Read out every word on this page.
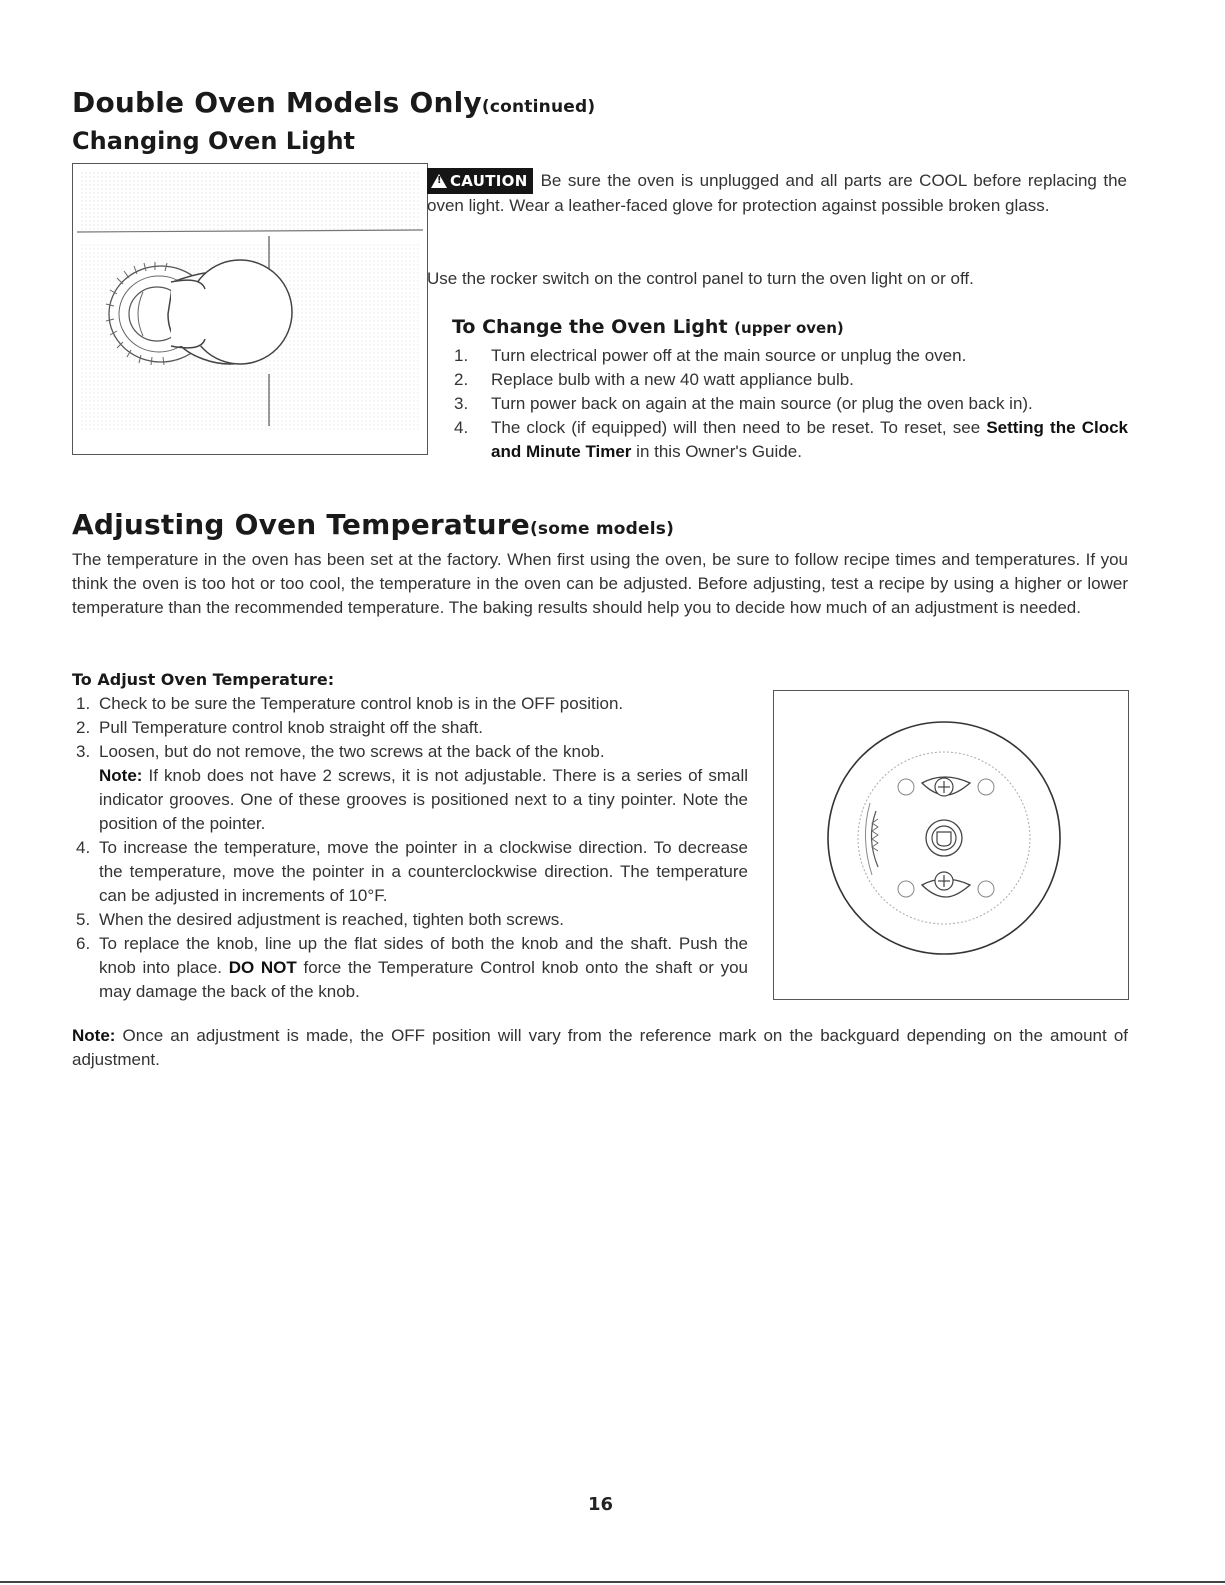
Double Oven Models Only(continued)
Changing Oven Light
!CAUTION Be sure the oven is unplugged and all parts are COOL before replacing the oven light. Wear a leather-faced glove for protection against possible broken glass.
Use the rocker switch on the control panel to turn the oven light on or off.
To Change the Oven Light (upper oven)
1.	Turn electrical power off at the main source or unplug the oven.
2.	Replace bulb with a new 40 watt appliance bulb.
3.	Turn power back on again at the main source (or plug the oven back in).
4.	The clock (if equipped) will then need to be reset. To reset, see Setting the Clock and Minute Timer in this Owner's Guide.
Adjusting Oven Temperature(some models)
The temperature in the oven has been set at the factory. When first using the oven, be sure to follow recipe times and temperatures. If you think the oven is too hot or too cool, the temperature in the oven can be adjusted. Before adjusting, test a recipe by using a higher or lower temperature than the recommended temperature. The baking results should help you to decide how much of an adjustment is needed.
To Adjust Oven Temperature:
1. Check to be sure the Temperature control knob is in the OFF position.
2. Pull Temperature control knob straight off the shaft.
3. Loosen, but do not remove, the two screws at the back of the knob.
Note: If knob does not have 2 screws, it is not adjustable. There is a series of small indicator grooves. One of these grooves is positioned next to a tiny pointer. Note the position of the pointer.
4. To increase the temperature, move the pointer in a clockwise direction. To decrease the temperature, move the pointer in a counterclockwise direction. The temperature can be adjusted in increments of 10°F.
5. When the desired adjustment is reached, tighten both screws.
6. To replace the knob, line up the flat sides of both the knob and the shaft. Push the knob into place. DO NOT force the Temperature Control knob onto the shaft or you may damage the back of the knob.
Note: Once an adjustment is made, the OFF position will vary from the reference mark on the backguard depending on the amount of adjustment.
16
